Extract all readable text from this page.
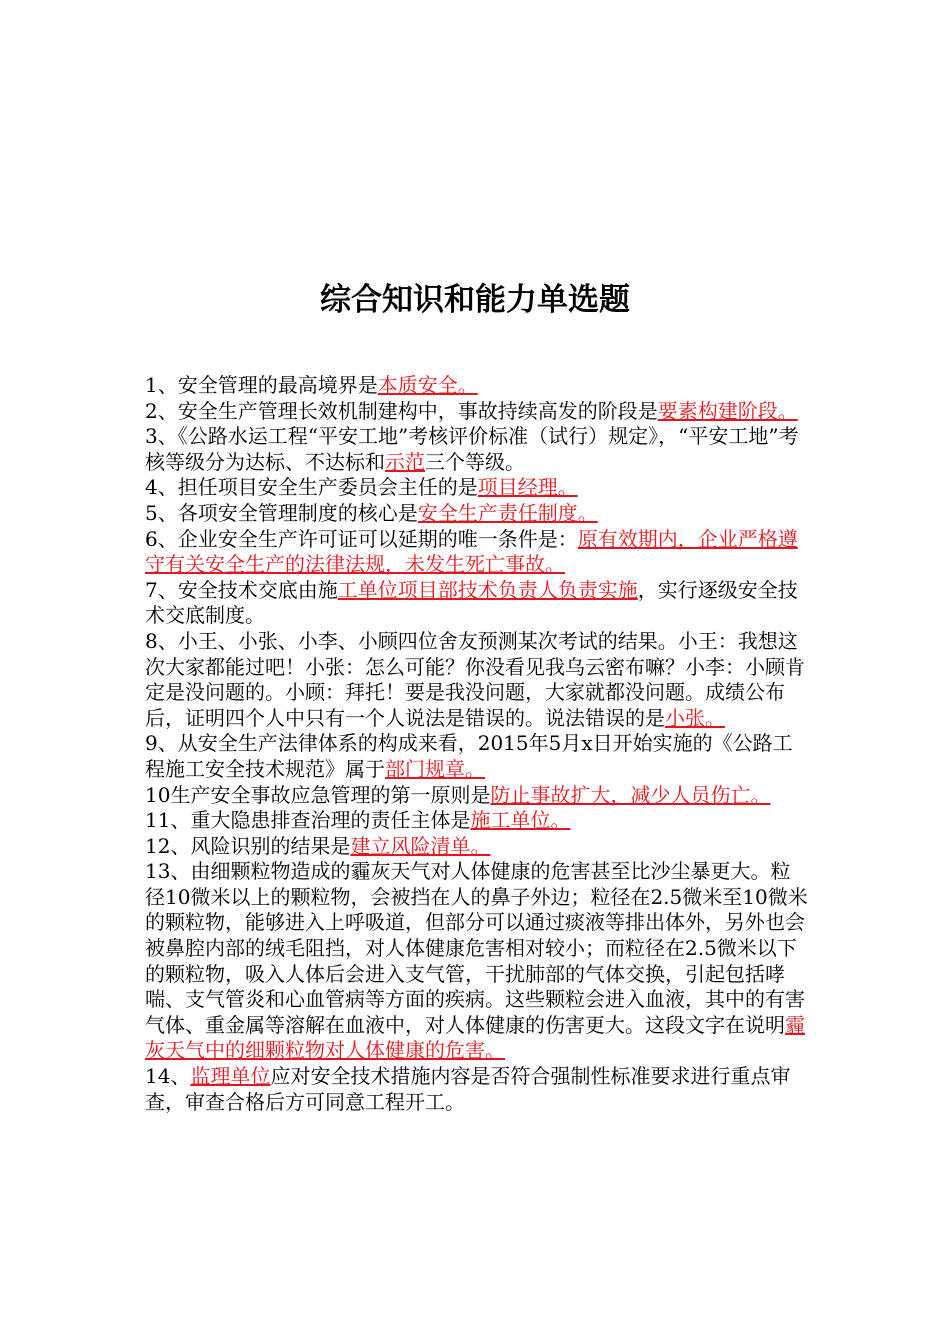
综合知识和能力单选题

1、安全管理的最高境界是本质安全。

2、安全生产管理长效机制建构中，事故持续高发的阶段是要素构建阶段。

3、《公路水运工程“平安工地”考核评价标准（试行）规定》，“平安工地”考核等级分为达标、不达标和示范三个等级。

4、担任项目安全生产委员会主任的是项目经理。

5、各项安全管理制度的核心是安全生产责任制度。

6、企业安全生产许可证可以延期的唯一条件是：原有效期内，企业严格遵守有关安全生产的法律法规，未发生死亡事故。

7、安全技术交底由施工单位项目部技术负责人负责实施，实行逐级安全技术交底制度。

8、小王、小张、小李、小顾四位舍友预测某次考试的结果。小王：我想这次大家都能过吧！小张：怎么可能？你没看见我乌云密布嘛？小李：小顾肯定是没问题的。小顾：拜托！要是我没问题，大家就都没问题。成绩公布后，证明四个人中只有一个人说法是错误的。说法错误的是小张。

9、从安全生产法律体系的构成来看，2015年5月x日开始实施的《公路工程施工安全技术规范》属于部门规章。

10生产安全事故应急管理的第一原则是防止事故扩大，减少人员伤亡。

11、重大隐患排查治理的责任主体是施工单位。

12、风险识别的结果是建立风险清单。

13、由细颗粒物造成的霾灰天气对人体健康的危害甚至比沙尘暴更大。粒径10微米以上的颗粒物，会被挡在人的鼻子外边；粒径在2.5微米至10微米的颗粒物，能够进入上呼吸道，但部分可以通过痰液等排出体外，另外也会被鼻腔内部的绒毛阻挡，对人体健康危害相对较小；而粒径在2.5微米以下的颗粒物，吸入人体后会进入支气管，干扰肺部的气体交换，引起包括哮喘、支气管炎和心血管病等方面的疾病。这些颗粒会进入血液，其中的有害气体、重金属等溶解在血液中，对人体健康的伤害更大。这段文字在说明霾灰天气中的细颗粒物对人体健康的危害。

14、监理单位应对安全技术措施内容是否符合强制性标准要求进行重点审查，审查合格后方可同意工程开工。
